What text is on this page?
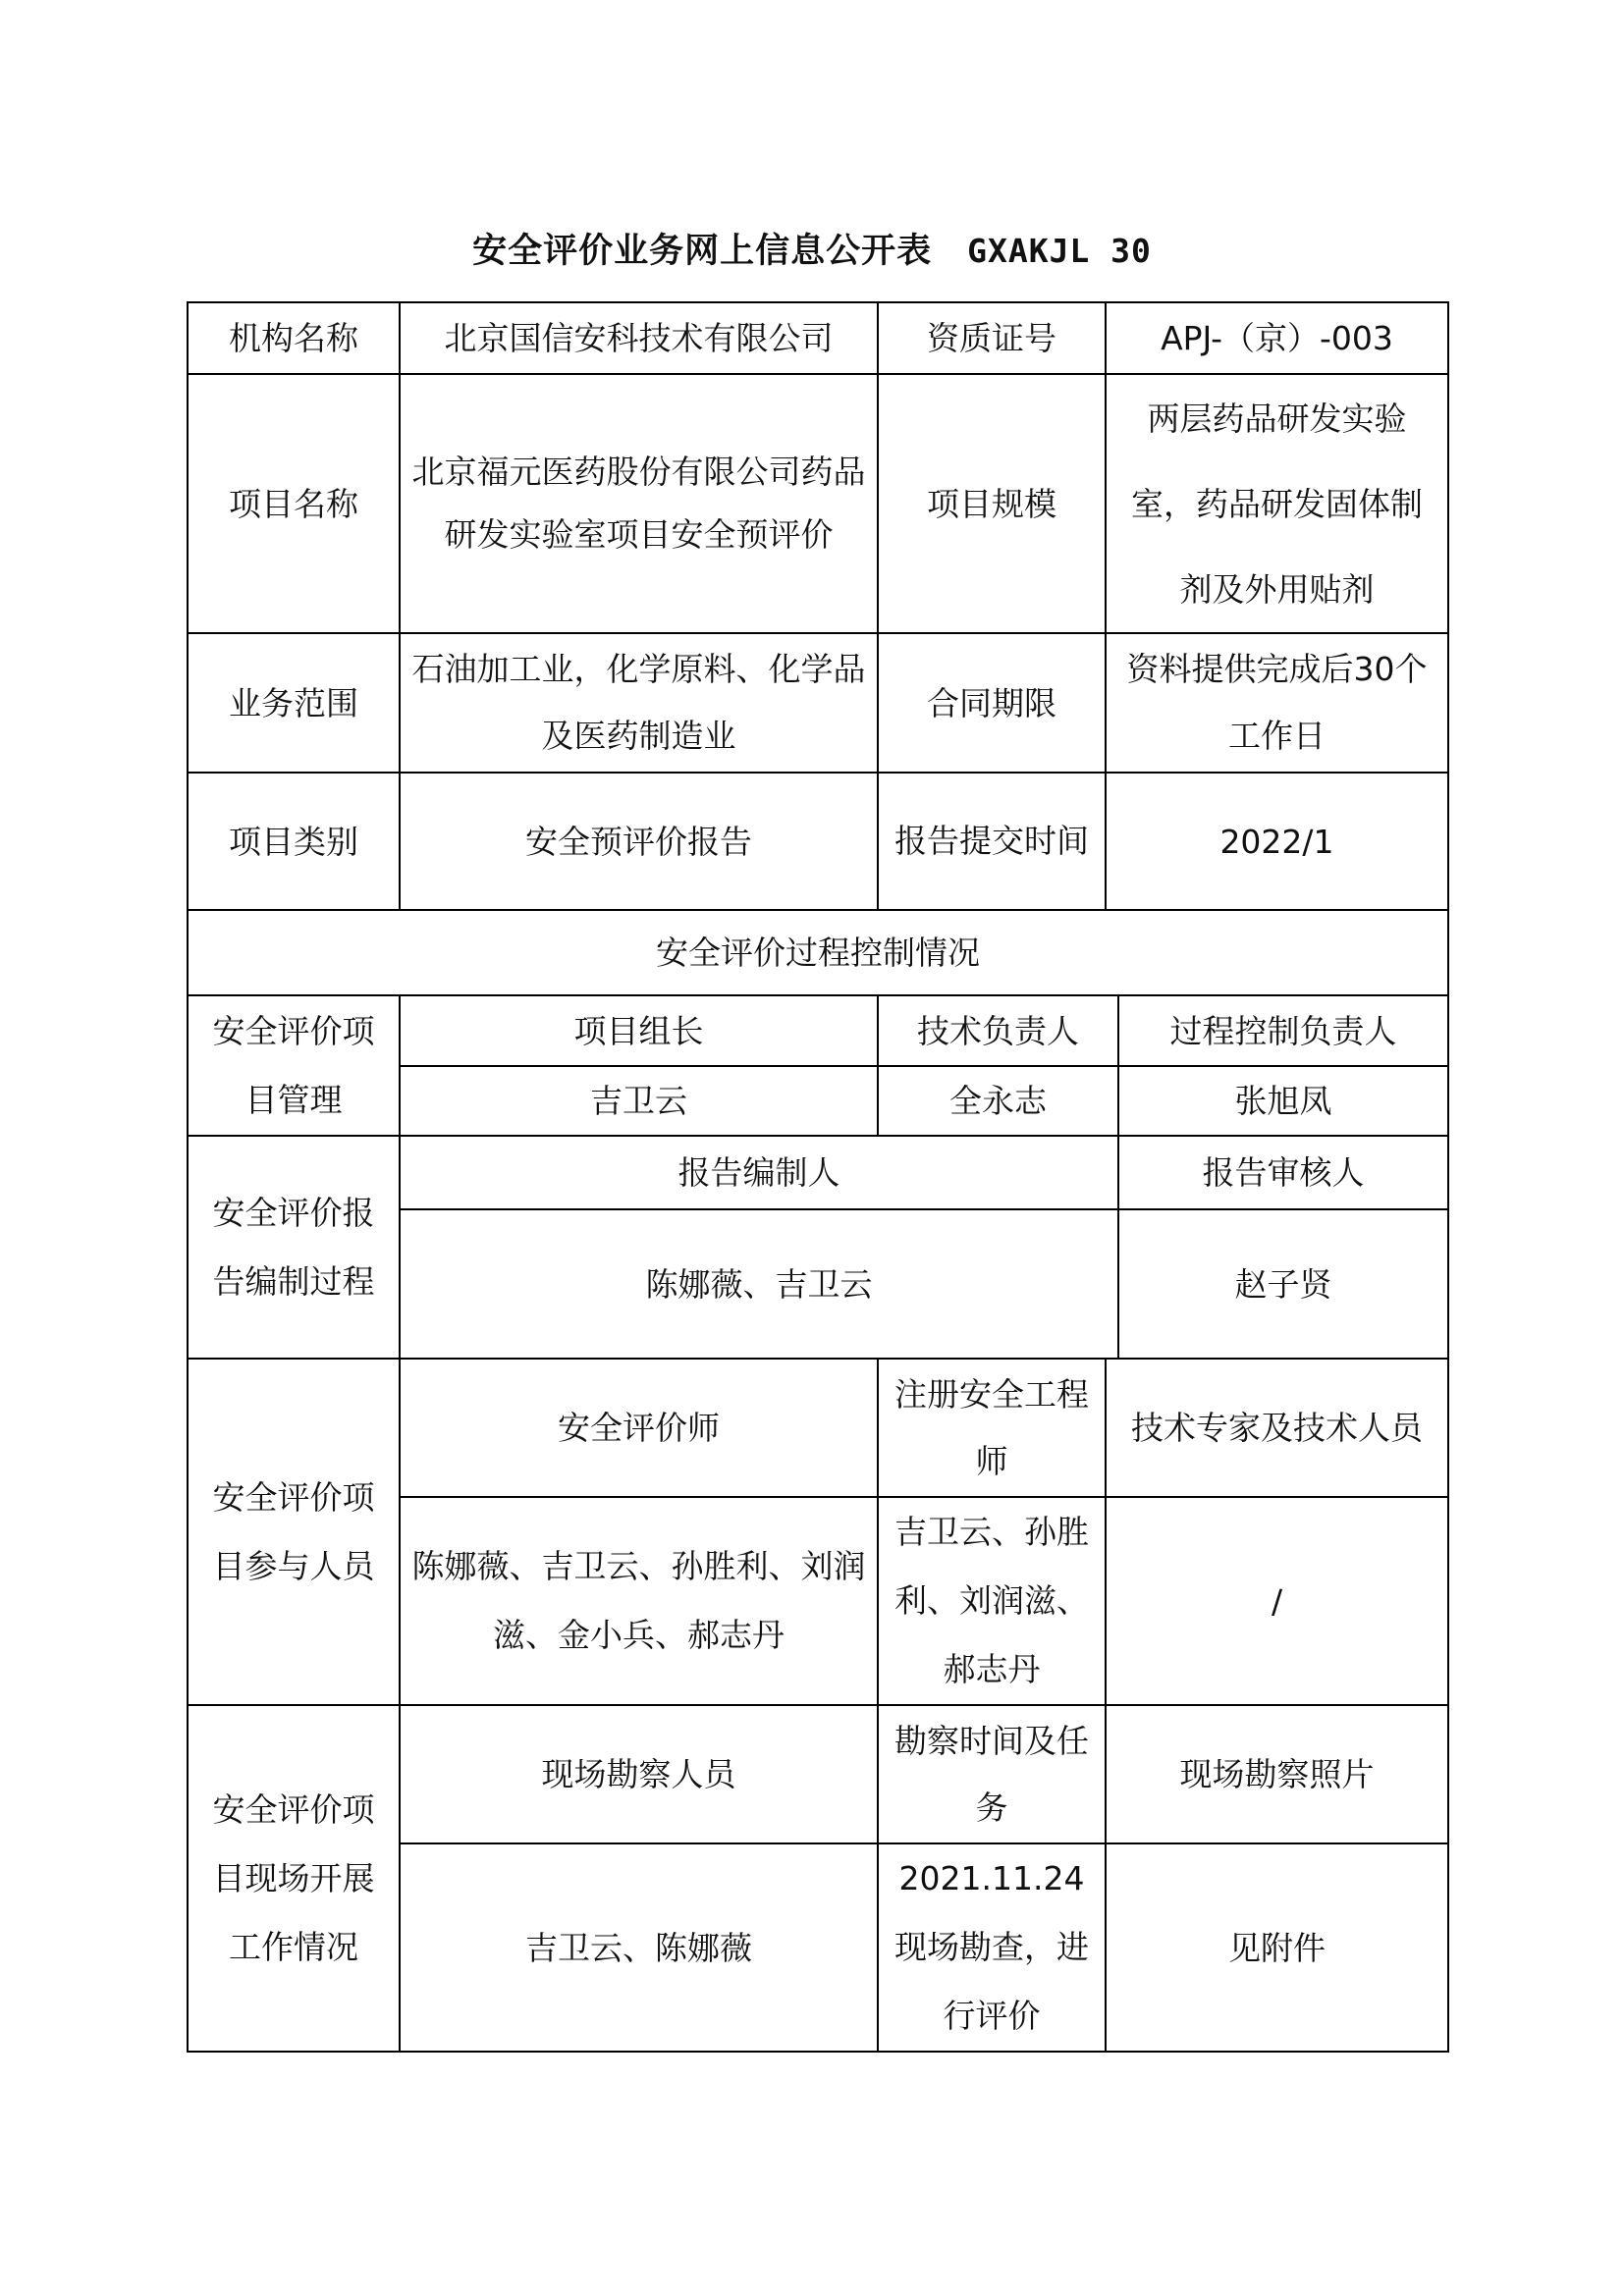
安全评价业务网上信息公开表 GXAKJL 30
机构名称	北京国信安科技术有限公司	资质证号	APJ-（京）-003	
项目名称	北京福元医药股份有限公司药品研发实验室项目安全预评价	项目规模	两层药品研发实验室，药品研发固体制剂及外用贴剂	
业务范围	石油加工业，化学原料、化学品及医药制造业	合同期限	资料提供完成后30个工作日	
项目类别	安全预评价报告	报告提交时间	2022/1	
安全评价过程控制情况				
安全评价项目管理	项目组长	技术负责人		过程控制负责人
	吉卫云	全永志		张旭凤
安全评价报告编制过程	报告编制人			报告审核人
	陈娜薇、吉卫云			赵子贤
安全评价项目参与人员	安全评价师	注册安全工程师	技术专家及技术人员	
	陈娜薇、吉卫云、孙胜利、刘润滋、金小兵、郝志丹	吉卫云、孙胜利、刘润滋、郝志丹	/	
安全评价项目现场开展工作情况	现场勘察人员	勘察时间及任务	现场勘察照片	
	吉卫云、陈娜薇	2021.11.24现场勘查，进行评价	见附件	
